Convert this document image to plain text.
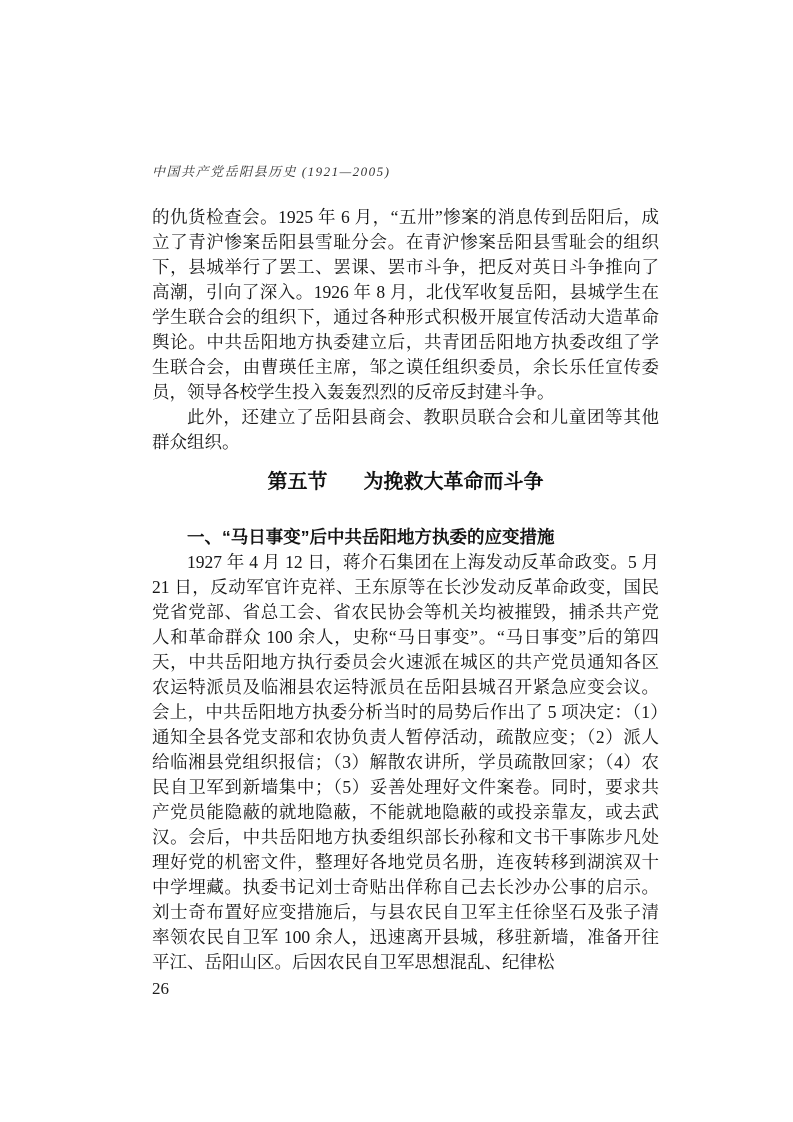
中国共产党岳阳县历史 (1921—2005)

的仇货检查会。1925 年 6 月，“五卅”惨案的消息传到岳阳后，成立了青沪惨案岳阳县雪耻分会。在青沪惨案岳阳县雪耻会的组织下，县城举行了罢工、罢课、罢市斗争，把反对英日斗争推向了高潮，引向了深入。1926 年 8 月，北伐军收复岳阳，县城学生在学生联合会的组织下，通过各种形式积极开展宣传活动大造革命舆论。中共岳阳地方执委建立后，共青团岳阳地方执委改组了学生联合会，由曹瑛任主席，邹之谟任组织委员，余长乐任宣传委员，领导各校学生投入轰轰烈烈的反帝反封建斗争。

此外，还建立了岳阳县商会、教职员联合会和儿童团等其他群众组织。

第五节 为挽救大革命而斗争
一、“马日事变”后中共岳阳地方执委的应变措施

1927 年 4 月 12 日，蒋介石集团在上海发动反革命政变。5 月 21 日，反动军官许克祥、王东原等在长沙发动反革命政变，国民党省党部、省总工会、省农民协会等机关均被摧毁，捕杀共产党人和革命群众 100 余人，史称“马日事变”。“马日事变”后的第四天，中共岳阳地方执行委员会火速派在城区的共产党员通知各区农运特派员及临湘县农运特派员在岳阳县城召开紧急应变会议。会上，中共岳阳地方执委分析当时的局势后作出了 5 项决定：（1）通知全县各党支部和农协负责人暂停活动，疏散应变；（2）派人给临湘县党组织报信；（3）解散农讲所，学员疏散回家；（4）农民自卫军到新墙集中；（5）妥善处理好文件案卷。同时，要求共产党员能隐蔽的就地隐蔽，不能就地隐蔽的或投亲靠友，或去武汉。会后，中共岳阳地方执委组织部长孙稼和文书干事陈步凡处理好党的机密文件，整理好各地党员名册，连夜转移到湖滨双十中学埋藏。执委书记刘士奇贴出佯称自己去长沙办公事的启示。刘士奇布置好应变措施后，与县农民自卫军主任徐坚石及张子清率领农民自卫军 100 余人，迅速离开县城，移驻新墙，准备开往平江、岳阳山区。后因农民自卫军思想混乱、纪律松

26
